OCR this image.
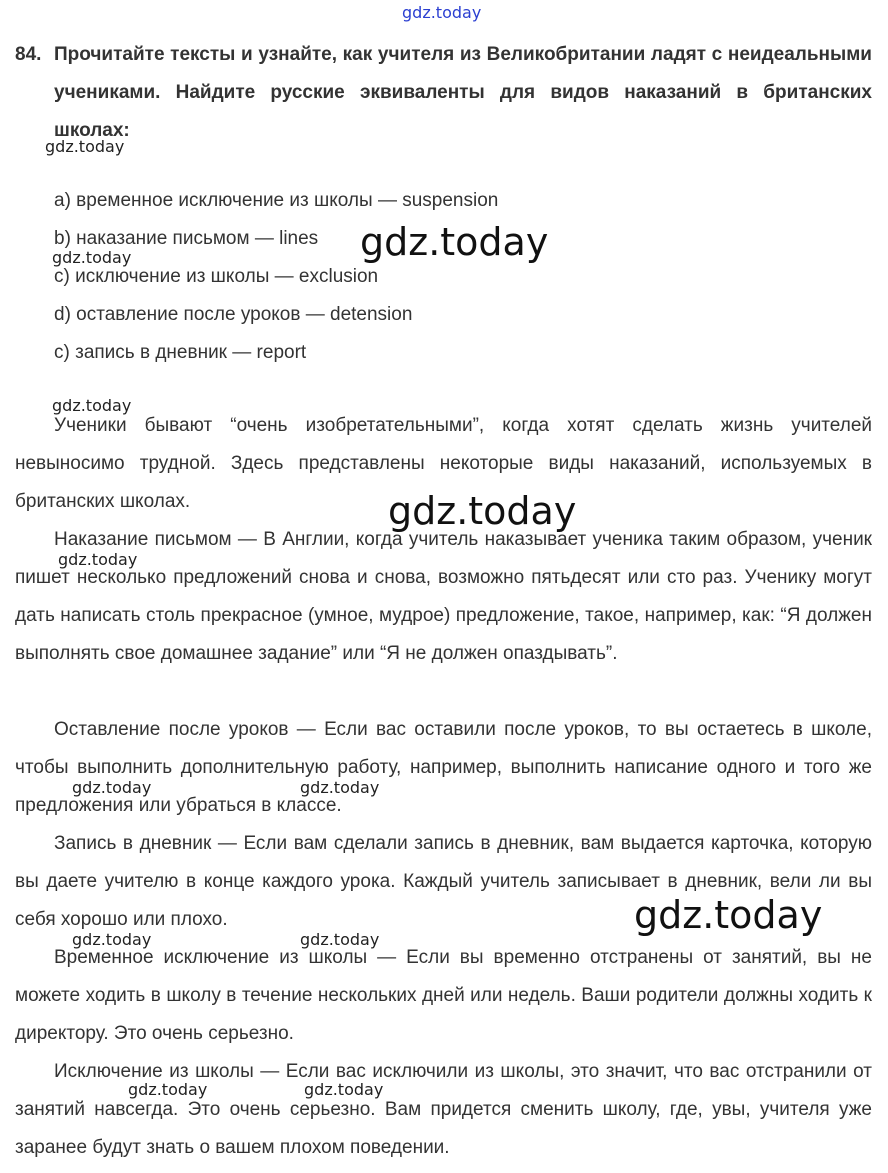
gdz.today
84. Прочитайте тексты и узнайте, как учителя из Великобритании ладят с неидеальными учениками. Найдите русские эквиваленты для видов наказаний в британских школах:
a) временное исключение из школы — suspension
b) наказание письмом — lines
c) исключение из школы — exclusion
d) оставление после уроков — detension
c) запись в дневник — report

Ученики бывают “очень изобретательными”, когда хотят сделать жизнь учителей невыносимо трудной. Здесь представлены некоторые виды наказаний, используемых в британских школах.

Наказание письмом — В Англии, когда учитель наказывает ученика таким образом, ученик пишет несколько предложений снова и снова, возможно пятьдесят или сто раз. Ученику могут дать написать столь прекрасное (умное, мудрое) предложение, такое, например, как: “Я должен выполнять свое домашнее задание” или “Я не должен опаздывать”.

Оставление после уроков — Если вас оставили после уроков, то вы остаетесь в школе, чтобы выполнить дополнительную работу, например, выполнить написание одного и того же предложения или убраться в классе.

Запись в дневник — Если вам сделали запись в дневник, вам выдается карточка, которую вы даете учителю в конце каждого урока. Каждый учитель записывает в дневник, вели ли вы себя хорошо или плохо.

Временное исключение из школы — Если вы временно отстранены от занятий, вы не можете ходить в школу в течение нескольких дней или недель. Ваши родители должны ходить к директору. Это очень серьезно.

Исключение из школы — Если вас исключили из школы, это значит, что вас отстранили от занятий навсегда. Это очень серьезно. Вам придется сменить школу, где, увы, учителя уже заранее будут знать о вашем плохом поведении.

gdz.today
gdz.today
gdz.today
gdz.today
gdz.today
gdz.today
gdz.today	gdz.today
gdz.today
gdz.today	gdz.today
gdz.today	gdz.today
